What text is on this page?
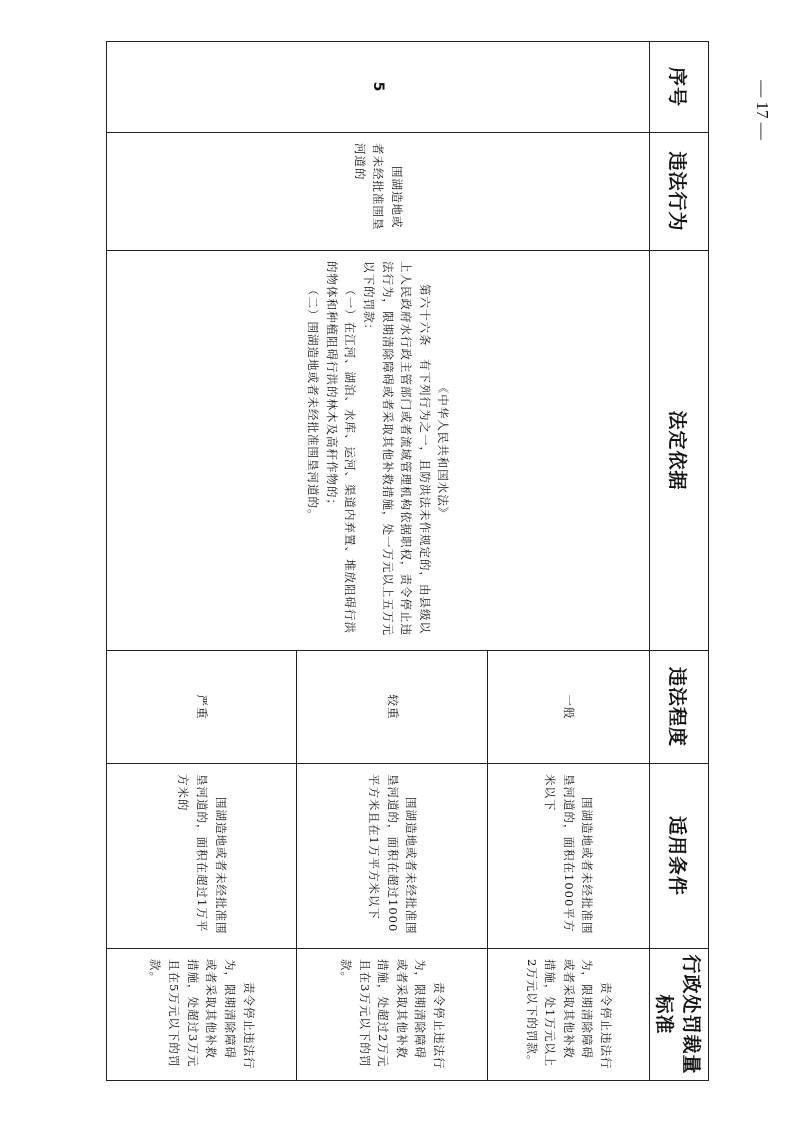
— 17 —
序号	违法行为	法定依据	违法程度	适用条件	行政处罚裁量标准
5	围湖造地或者未经批准围垦河道的	《中华人民共和国水法》
第六十六条　有下列行为之一，且防洪法未作规定的，由县级以上人民政府水行政主管部门或者流域管理机构依据职权，责令停止违法行为，限期清除障碍或者采取其他补救措施，处一万元以上五万元以下的罚款：
（一）在江河、湖泊、水库、运河、渠道内弃置、堆放阻碍行洪的物体和种植阻碍行洪的林木及高秆作物的；
（二）围湖造地或者未经批准围垦河道的。	一般	围湖造地或者未经批准围垦河道的，面积在1000平方米以下	责令停止违法行为，限期清除障碍或者采取其他补救措施，处1万元以上2万元以下的罚款。

			较重	围湖造地或者未经批准围垦河道的，面积在超过1000平方米且在1万平方米以下	责令停止违法行为，限期清除障碍或者采取其他补救措施，处超过2万元且在3万元以下的罚款。

			严重	围湖造地或者未经批准围垦河道的，面积在超过1万平方米的	责令停止违法行为，限期清除障碍或者采取其他补救措施，处超过3万元且在5万元以下的罚款。
